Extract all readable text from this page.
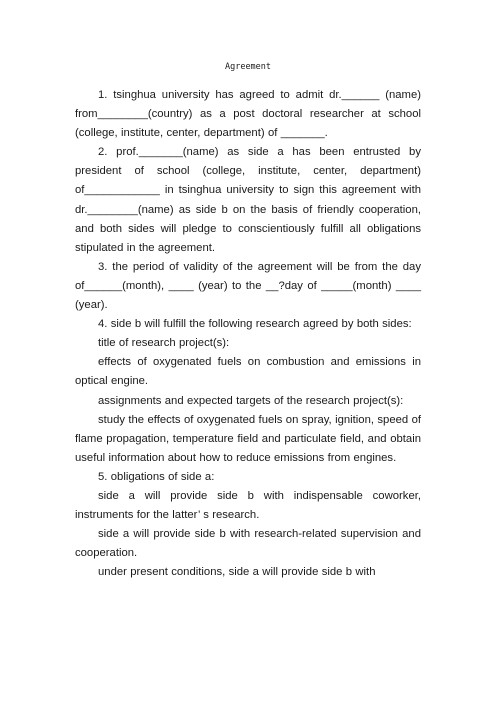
Agreement

1. tsinghua university has agreed to admit dr.______ (name) from________(country) as a post doctoral researcher at school (college, institute, center, department) of _______.

2. prof._______(name) as side a has been entrusted by president of school (college, institute, center, department) of____________ in tsinghua university to sign this agreement with dr.________(name) as side b on the basis of friendly cooperation, and both sides will pledge to conscientiously fulfill all obligations stipulated in the agreement.

3. the period of validity of the agreement will be from the day of______(month), ____ (year) to the __?day of _____(month) ____ (year).

4. side b will fulfill the following research agreed by both sides:

title of research project(s):

effects of oxygenated fuels on combustion and emissions in optical engine.

assignments and expected targets of the research project(s):

study the effects of oxygenated fuels on spray, ignition, speed of flame propagation, temperature field and particulate field, and obtain useful information about how to reduce emissions from engines.

5. obligations of side a:

side a will provide side b with indispensable coworker, instruments for the latter’ s research.

side a will provide side b with research-related supervision and cooperation.

under present conditions, side a will provide side b with
